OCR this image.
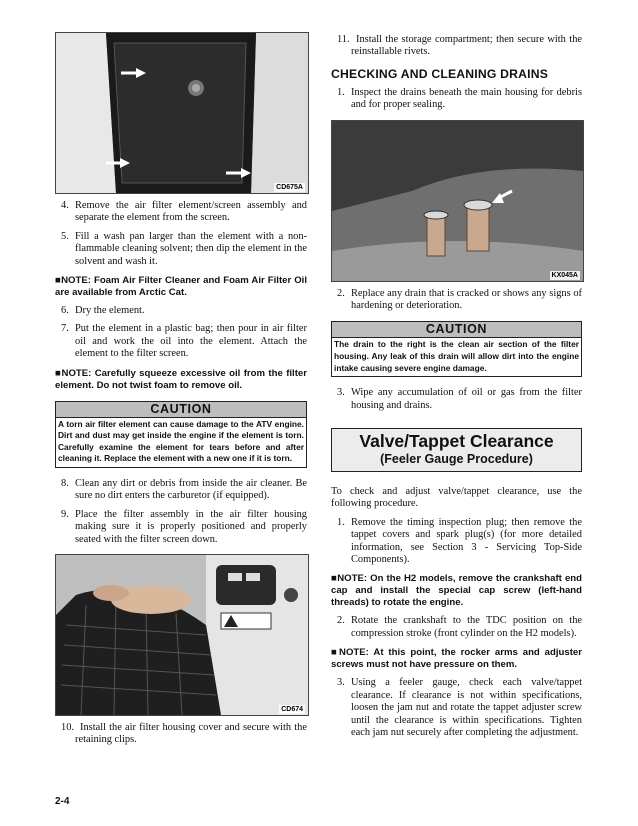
CD675A

4. Remove the air filter element/screen assembly and separate the element from the screen.

5. Fill a wash pan larger than the element with a non-flammable cleaning solvent; then dip the element in the solvent and wash it.

■NOTE: Foam Air Filter Cleaner and Foam Air Filter Oil are available from Arctic Cat.

6. Dry the element.

7. Put the element in a plastic bag; then pour in air filter oil and work the oil into the element. Attach the element to the filter screen.

■NOTE: Carefully squeeze excessive oil from the filter element. Do not twist foam to remove oil.

CAUTION
A torn air filter element can cause damage to the ATV engine. Dirt and dust may get inside the engine if the element is torn. Carefully examine the element for tears before and after cleaning it. Replace the element with a new one if it is torn.

8. Clean any dirt or debris from inside the air cleaner. Be sure no dirt enters the carburetor (if equipped).

9. Place the filter assembly in the air filter housing making sure it is properly positioned and properly seated with the filter screen down.

CD674

10. Install the air filter housing cover and secure with the retaining clips.

11. Install the storage compartment; then secure with the reinstallable rivets.

CHECKING AND CLEANING DRAINS

1. Inspect the drains beneath the main housing for debris and for proper sealing.

KX045A

2. Replace any drain that is cracked or shows any signs of hardening or deterioration.

CAUTION
The drain to the right is the clean air section of the filter housing. Any leak of this drain will allow dirt into the engine intake causing severe engine damage.

3. Wipe any accumulation of oil or gas from the filter housing and drains.

Valve/Tappet Clearance
(Feeler Gauge Procedure)

To check and adjust valve/tappet clearance, use the following procedure.

1. Remove the timing inspection plug; then remove the tappet covers and spark plug(s) (for more detailed information, see Section 3 - Servicing Top-Side Components).

■NOTE: On the H2 models, remove the crankshaft end cap and install the special cap screw (left-hand threads) to rotate the engine.

2. Rotate the crankshaft to the TDC position on the compression stroke (front cylinder on the H2 models).

■NOTE: At this point, the rocker arms and adjuster screws must not have pressure on them.

3. Using a feeler gauge, check each valve/tappet clearance. If clearance is not within specifications, loosen the jam nut and rotate the tappet adjuster screw until the clearance is within specifications. Tighten each jam nut securely after completing the adjustment.

2-4
